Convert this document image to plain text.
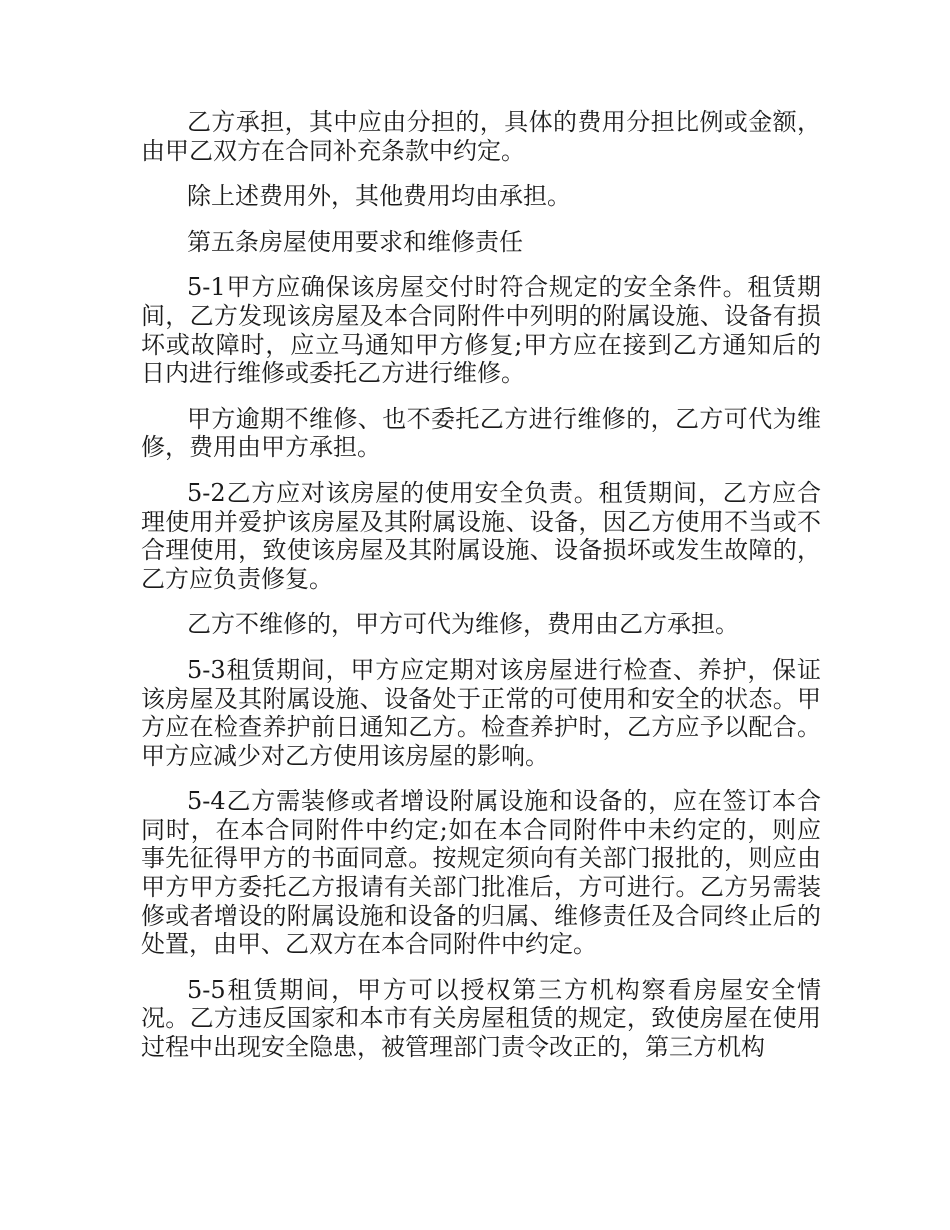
乙方承担，其中应由分担的，具体的费用分担比例或金额，由甲乙双方在合同补充条款中约定。

除上述费用外，其他费用均由承担。

第五条房屋使用要求和维修责任

5-1甲方应确保该房屋交付时符合规定的安全条件。租赁期间，乙方发现该房屋及本合同附件中列明的附属设施、设备有损坏或故障时，应立马通知甲方修复;甲方应在接到乙方通知后的日内进行维修或委托乙方进行维修。

甲方逾期不维修、也不委托乙方进行维修的，乙方可代为维修，费用由甲方承担。

5-2乙方应对该房屋的使用安全负责。租赁期间，乙方应合理使用并爱护该房屋及其附属设施、设备，因乙方使用不当或不合理使用，致使该房屋及其附属设施、设备损坏或发生故障的，乙方应负责修复。

乙方不维修的，甲方可代为维修，费用由乙方承担。

5-3租赁期间，甲方应定期对该房屋进行检查、养护，保证该房屋及其附属设施、设备处于正常的可使用和安全的状态。甲方应在检查养护前日通知乙方。检查养护时，乙方应予以配合。甲方应减少对乙方使用该房屋的影响。

5-4乙方需装修或者增设附属设施和设备的，应在签订本合同时，在本合同附件中约定;如在本合同附件中未约定的，则应事先征得甲方的书面同意。按规定须向有关部门报批的，则应由甲方甲方委托乙方报请有关部门批准后，方可进行。乙方另需装修或者增设的附属设施和设备的归属、维修责任及合同终止后的处置，由甲、乙双方在本合同附件中约定。

5-5租赁期间，甲方可以授权第三方机构察看房屋安全情况。乙方违反国家和本市有关房屋租赁的规定，致使房屋在使用过程中出现安全隐患，被管理部门责令改正的，第三方机构
